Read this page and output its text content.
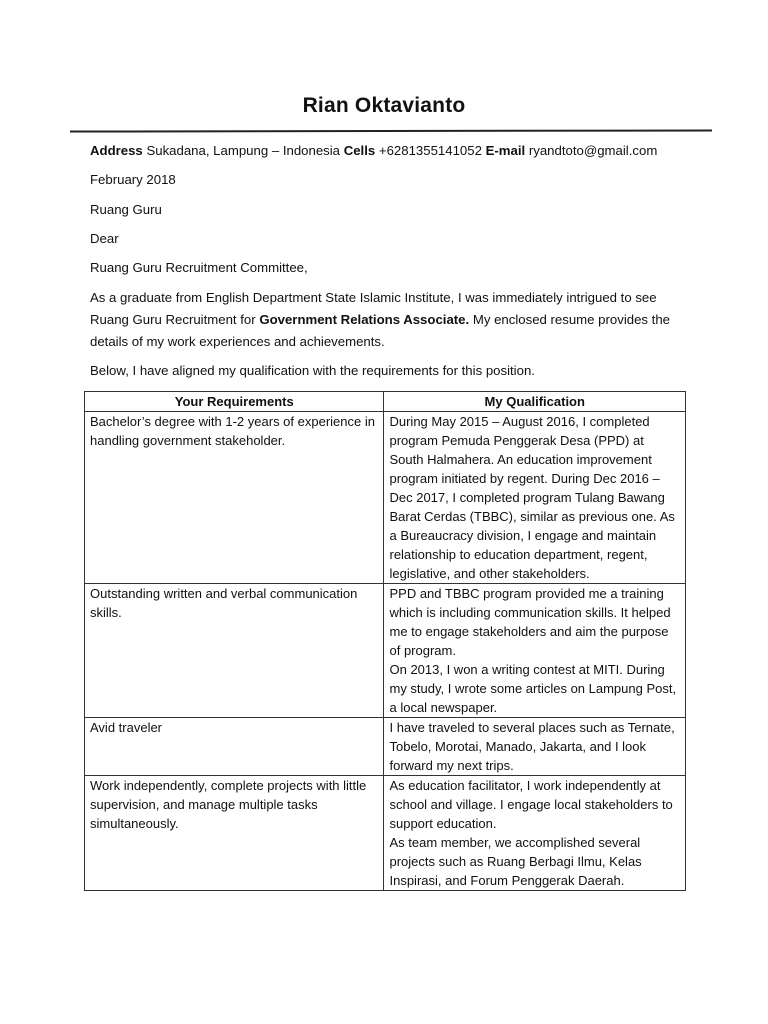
Rian Oktavianto
Address Sukadana, Lampung – Indonesia Cells +6281355141052 E-mail ryandtoto@gmail.com
February 2018
Ruang Guru
Dear
Ruang Guru Recruitment Committee,
As a graduate from English Department State Islamic Institute, I was immediately intrigued to see Ruang Guru Recruitment for Government Relations Associate. My enclosed resume provides the details of my work experiences and achievements.
Below, I have aligned my qualification with the requirements for this position.
Your Requirements	My Qualification
Bachelor’s degree with 1-2 years of experience in handling government stakeholder.	During May 2015 – August 2016, I completed program Pemuda Penggerak Desa (PPD) at South Halmahera. An education improvement program initiated by regent. During Dec 2016 – Dec 2017, I completed program Tulang Bawang Barat Cerdas (TBBC), similar as previous one. As a Bureaucracy division, I engage and maintain relationship to education department, regent, legislative, and other stakeholders.

Outstanding written and verbal communication skills.	PPD and TBBC program provided me a training which is including communication skills. It helped me to engage stakeholders and aim the purpose of program.
On 2013, I won a writing contest at MITI. During my study, I wrote some articles on Lampung Post, a local newspaper.

Avid traveler	I have traveled to several places such as Ternate, Tobelo, Morotai, Manado, Jakarta, and I look forward my next trips.

Work independently, complete projects with little supervision, and manage multiple tasks simultaneously.	As education facilitator, I work independently at school and village. I engage local stakeholders to support education.
As team member, we accomplished several projects such as Ruang Berbagi Ilmu, Kelas Inspirasi, and Forum Penggerak Daerah.
